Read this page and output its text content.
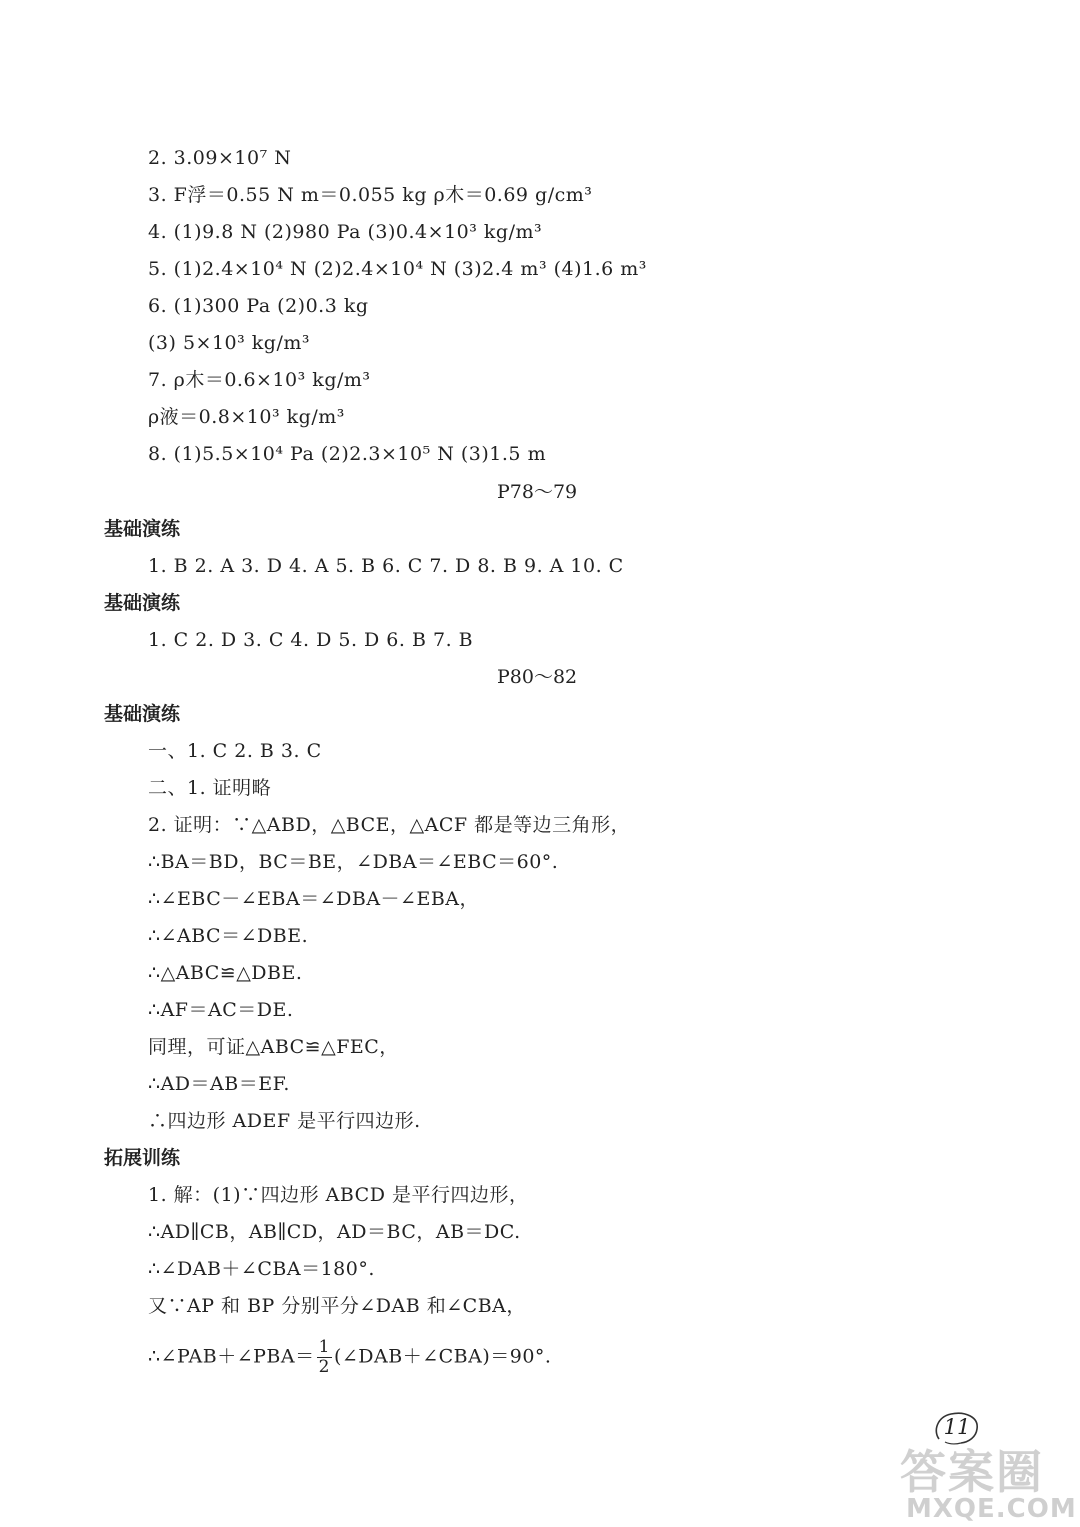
2. 3.09×10⁷ N
3. F浮＝0.55 N m＝0.055 kg ρ木＝0.69 g/cm³
4. (1)9.8 N (2)980 Pa (3)0.4×10³ kg/m³
5. (1)2.4×10⁴ N (2)2.4×10⁴ N (3)2.4 m³ (4)1.6 m³
6. (1)300 Pa (2)0.3 kg
(3) 5×10³ kg/m³
7. ρ木＝0.6×10³ kg/m³
ρ液＝0.8×10³ kg/m³
8. (1)5.5×10⁴ Pa (2)2.3×10⁵ N (3)1.5 m
P78～79
基础演练
1. B 2. A 3. D 4. A 5. B 6. C 7. D 8. B 9. A 10. C
基础演练
1. C 2. D 3. C 4. D 5. D 6. B 7. B
P80～82
基础演练
一、1. C 2. B 3. C
二、1. 证明略
2. 证明：∵△ABD，△BCE，△ACF 都是等边三角形，
∴BA＝BD，BC＝BE，∠DBA＝∠EBC＝60°.
∴∠EBC－∠EBA＝∠DBA－∠EBA，
∴∠ABC＝∠DBE.
∴△ABC≌△DBE.
∴AF＝AC＝DE.
同理，可证△ABC≌△FEC，
∴AD＝AB＝EF.
∴四边形 ADEF 是平行四边形.
拓展训练
1. 解：(1)∵四边形 ABCD 是平行四边形，
∴AD∥CB，AB∥CD，AD＝BC，AB＝DC.
∴∠DAB＋∠CBA＝180°.
又∵AP 和 BP 分别平分∠DAB 和∠CBA，
∴∠PAB＋∠PBA＝ $\frac{1}{2}$ (∠DAB＋∠CBA)＝90°.
11
答案圈
MXQE.COM
